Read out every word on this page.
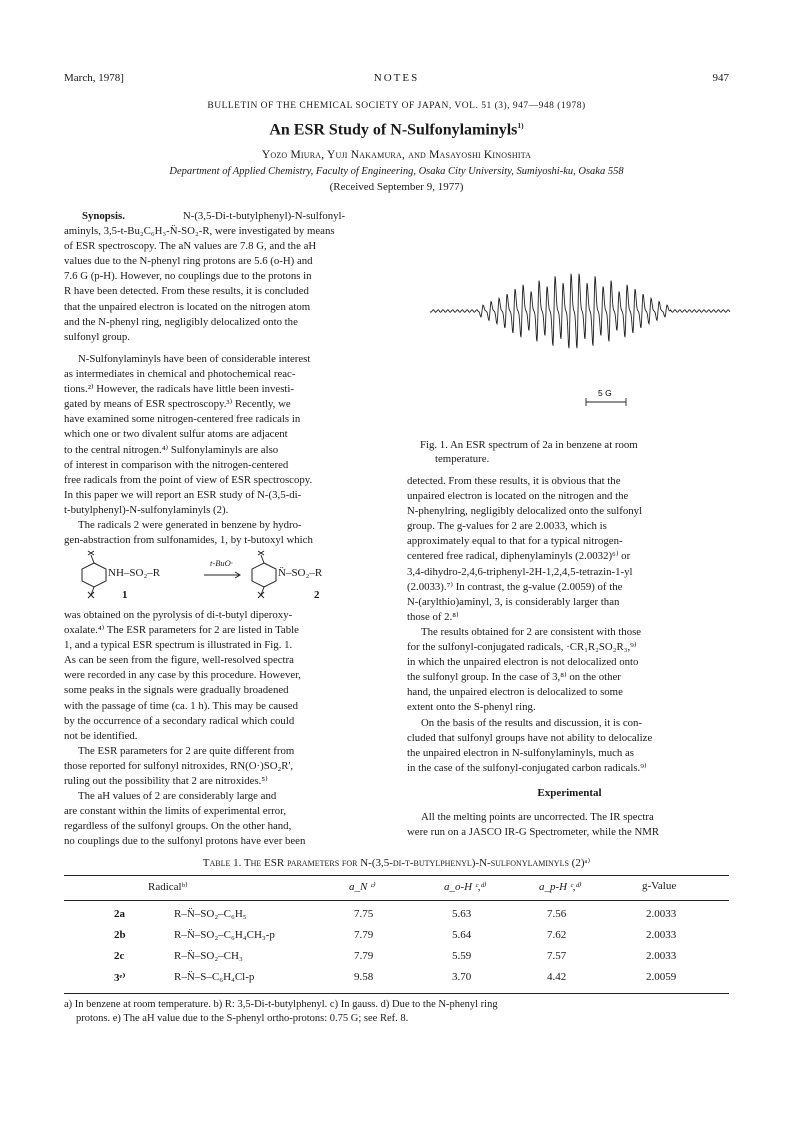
March, 1978]	NOTES	947
BULLETIN OF THE CHEMICAL SOCIETY OF JAPAN, VOL. 51 (3), 947—948 (1978)
An ESR Study of N-Sulfonylaminyls$^{1)}$
Yozo Miura, Yuji Nakamura, and Masayoshi Kinoshita
Department of Applied Chemistry, Faculty of Engineering, Osaka City University, Sumiyoshi-ku, Osaka 558
(Received September 9, 1977)
Synopsis.	N-(3,5-Di-t-butylphenyl)-N-sulfonyl-
aminyls, 3,5-t-Bu₂C₆H₃-N̈-SO₂-R, were investigated by means
of ESR spectroscopy. The aN values are 7.8 G, and the aH
values due to the N-phenyl ring protons are 5.6 (o-H) and
7.6 G (p-H). However, no couplings due to the protons in
R have been detected. From these results, it is concluded
that the unpaired electron is located on the nitrogen atom
and the N-phenyl ring, negligibly delocalized onto the
sulfonyl group.
N-Sulfonylaminyls have been of considerable interest
as intermediates in chemical and photochemical reac-
tions.²⁾ However, the radicals have little been investi-
gated by means of ESR spectroscopy.³⁾ Recently, we
have examined some nitrogen-centered free radicals in
which one or two divalent sulfur atoms are adjacent
to the central nitrogen.⁴⁾ Sulfonylaminyls are also
of interest in comparison with the nitrogen-centered
free radicals from the point of view of ESR spectroscopy.
In this paper we will report an ESR study of N-(3,5-di-
t-butylphenyl)-N-sulfonylaminyls (2).
The radicals 2 were generated in benzene by hydro-
gen-abstraction from sulfonamides, 1, by t-butoxyl which
NH–SO₂–R
t-BuO·
N̈–SO₂–R
1	2
was obtained on the pyrolysis of di-t-butyl diperoxy-
oxalate.⁴⁾ The ESR parameters for 2 are listed in Table
1, and a typical ESR spectrum is illustrated in Fig. 1.
As can be seen from the figure, well-resolved spectra
were recorded in any case by this procedure. However,
some peaks in the signals were gradually broadened
with the passage of time (ca. 1 h). This may be caused
by the occurrence of a secondary radical which could
not be identified.
The ESR parameters for 2 are quite different from
those reported for sulfonyl nitroxides, RN(O·)SO₂R',
ruling out the possibility that 2 are nitroxides.⁵⁾
The aH values of 2 are considerably large and
are constant within the limits of experimental error,
regardless of the sulfonyl groups. On the other hand,
no couplings due to the sulfonyl protons have ever been
5 G
Fig. 1. An ESR spectrum of 2a in benzene at room
temperature.
detected. From these results, it is obvious that the
unpaired electron is located on the nitrogen and the
N-phenylring, negligibly delocalized onto the sulfonyl
group. The g-values for 2 are 2.0033, which is
approximately equal to that for a typical nitrogen-
centered free radical, diphenylaminyls (2.0032)⁶⁾ or
3,4-dihydro-2,4,6-triphenyl-2H-1,2,4,5-tetrazin-1-yl
(2.0033).⁷⁾ In contrast, the g-value (2.0059) of the
N-(arylthio)aminyl, 3, is considerably larger than
those of 2.⁸⁾
The results obtained for 2 are consistent with those
for the sulfonyl-conjugated radicals, ·CR₁R₂SO₂R₃,⁹⁾
in which the unpaired electron is not delocalized onto
the sulfonyl group. In the case of 3,⁸⁾ on the other
hand, the unpaired electron is delocalized to some
extent onto the S-phenyl ring.
On the basis of the results and discussion, it is con-
cluded that sulfonyl groups have not ability to delocalize
the unpaired electron in N-sulfonylaminyls, much as
in the case of the sulfonyl-conjugated carbon radicals.⁹⁾
Experimental
All the melting points are uncorrected. The IR spectra
were run on a JASCO IR-G Spectrometer, while the NMR
Table 1. The ESR parameters for N-(3,5-di-t-butylphenyl)-N-sulfonylaminyls (2)ᵃ⁾
Radicalᵇ⁾	a_N ᶜ⁾	a_o-H ᶜ,ᵈ⁾	a_p-H ᶜ,ᵈ⁾	g-Value
2a	R–N̈–SO₂–C₆H₅	7.75	5.63	7.56	2.0033
2b	R–N̈–SO₂–C₆H₄CH₃-p	7.79	5.64	7.62	2.0033
2c	R–N̈–SO₂–CH₃	7.79	5.59	7.57	2.0033
3ᵉ⁾	R–N̈–S–C₆H₄Cl-p	9.58	3.70	4.42	2.0059
a) In benzene at room temperature. b) R: 3,5-Di-t-butylphenyl. c) In gauss. d) Due to the N-phenyl ring
protons. e) The aH value due to the S-phenyl ortho-protons: 0.75 G; see Ref. 8.
